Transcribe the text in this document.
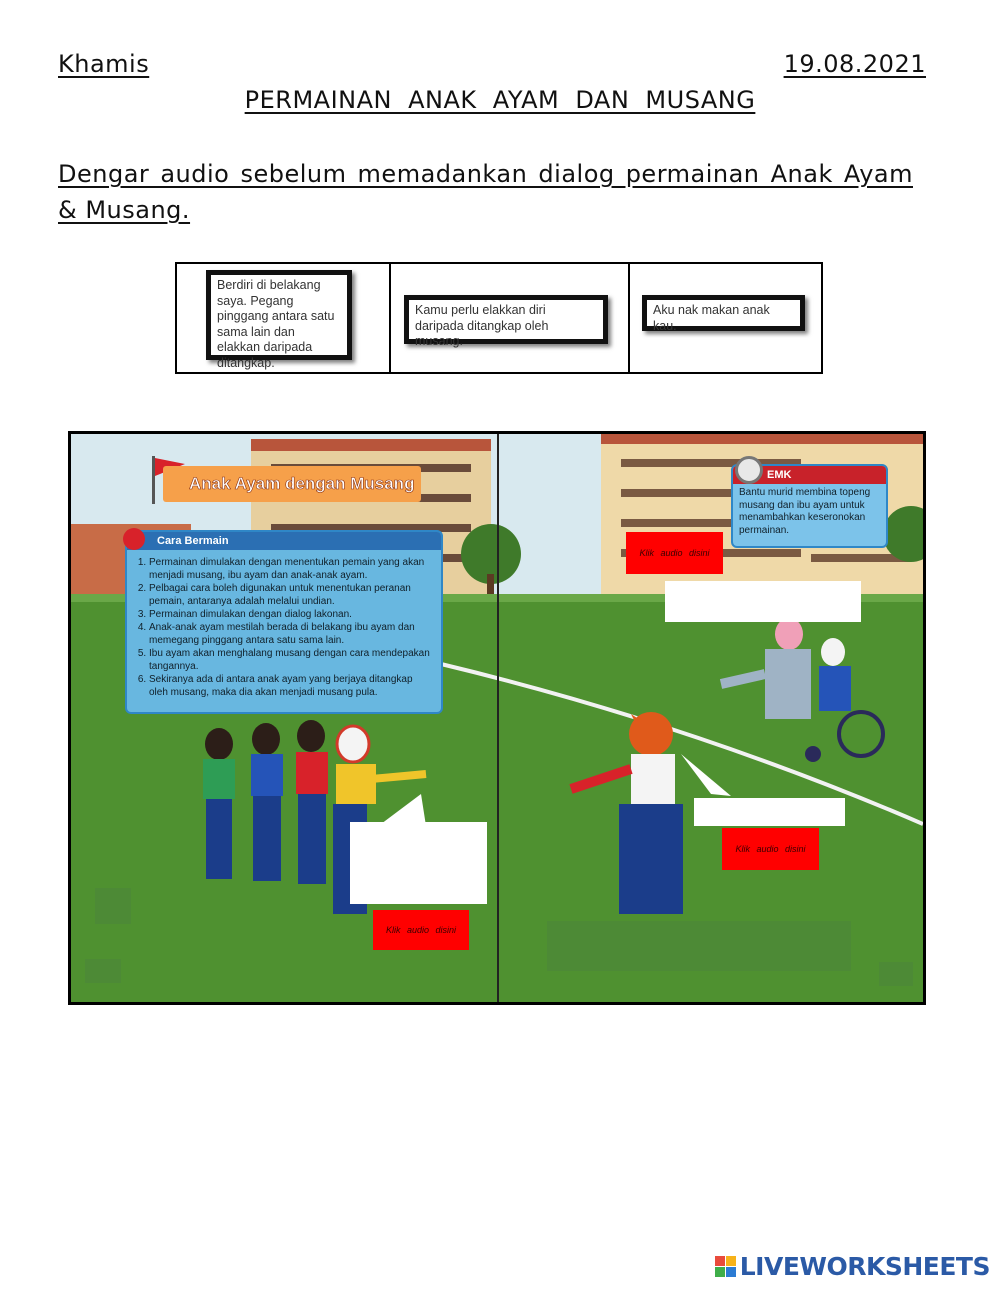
Khamis	19.08.2021
PERMAINAN ANAK AYAM DAN MUSANG
Dengar audio sebelum memadankan dialog permainan Anak Ayam & Musang.
Berdiri di belakang saya. Pegang pinggang antara satu sama lain dan elakkan daripada ditangkap.
Kamu perlu elakkan diri daripada ditangkap oleh musang.
Aku nak makan anak kau.
Anak Ayam dengan Musang
Cara Bermain
1. Permainan dimulakan dengan menentukan pemain yang akan menjadi musang, ibu ayam dan anak-anak ayam.
2. Pelbagai cara boleh digunakan untuk menentukan peranan pemain, antaranya adalah melalui undian.
3. Permainan dimulakan dengan dialog lakonan.
4. Anak-anak ayam mestilah berada di belakang ibu ayam dan memegang pinggang antara satu sama lain.
5. Ibu ayam akan menghalang musang dengan cara mendepakan tangannya.
6. Sekiranya ada di antara anak ayam yang berjaya ditangkap oleh musang, maka dia akan menjadi musang pula.
EMK
Bantu murid membina topeng musang dan ibu ayam untuk menambahkan keseronokan permainan.
Klik audio disini
Klik audio disini
Klik audio disini
LIVEWORKSHEETS
